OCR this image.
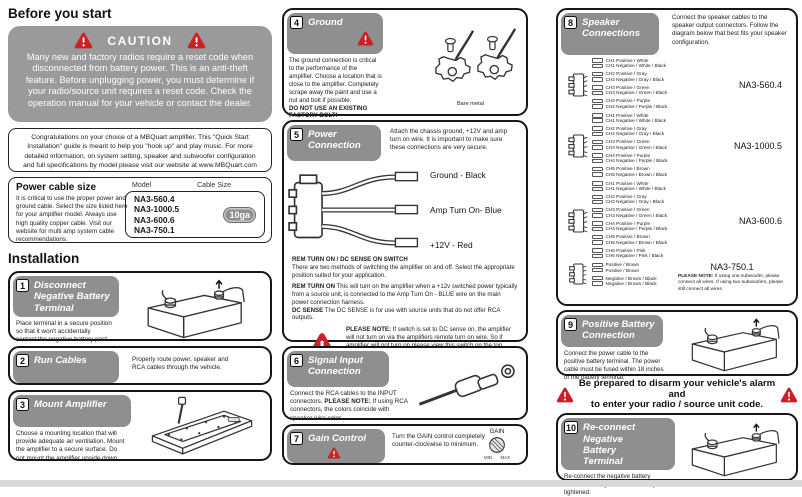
Before you start
CAUTION
Many new and factory radios require a reset code when disconnected from battery power. This is an anti-theft feature. Before unplugging power, you must determine if your radio/source unit requires a reset code. Check the operation manual for your vehicle or contact the dealer.
Congratulations on your choice of a MBQuart amplifier. This "Quick Start Installation" guide is meant to help you "hook up" and play music. For more detailed information, on system setting, speaker and subwoofer configuration and full specifications by model please visit our website at www.MBQuart.com
Power cable size	Model	Cable Size
It is critical to use the proper power and ground cable. Select the size listed here for your amplifier model. Always use high quality copper cable. Visit our website for multi amp system cable recommendations.
NA3-560.4
NA3-1000.5
NA3-600.6
NA3-750.1
10ga
Installation
1 Disconnect Negative Battery Terminal
Place terminal in a secure position so that it won't accidentally contact the negative battery post.
2 Run Cables	Properly route power, speaker and RCA cables through the vehicle.
3 Mount Amplifier
Choose a mounting location that will provide adequate air ventilation. Mount the amplifier to a secure surface. Do not mount the amplifier upside down.
4 Ground
The ground connection is critical to the performance of the amplifier. Choose a location that is close to the amplifier. Completely scrape away the paint and use a nut and bolt if possible.
DO NOT USE AN EXISTING FACTORY BOLT!
Bare metal
5 Power Connection
Attach the chassis ground, +12V and amp turn on wire. It is important to make sure these connections are very secure.
Ground - Black
Amp Turn On- Blue
+12V - Red
REM TURN ON / DC SENSE ON SWITCH
There are two methods of switching the amplifier on and off. Select the appropriate position suited for your application.
REM TURN ON This will turn on the amplifier when a +12v switched power typically from a source unit, is connected to the Amp Turn On - BLUE wire on the main power connection harness.
DC SENSE The DC SENSE is for use with source units that do not offer RCA outputs.
PLEASE NOTE: If switch is set to DC sense on, the amplifier will not turn on via the amplifiers remote turn on wire. So if
6 Signal Input Connection
Connect the RCA cables to the INPUT connectors. PLEASE NOTE: If using RCA connectors, the colors coincide with speaker wire color.
7 Gain Control	Turn the GAIN control completely counter-clockwise to minimum.
GAIN
MIN MAX
8 Speaker Connections
Connect the speaker cables to the speaker output connectors. Follow the diagram below that best fits your speaker configuration.
CH1 Positive / White
CH1 Negative / White / Black
CH2 Positive / Gray
CH2 Negative / Gray / Black
CH3 Positive / Green
CH3 Negative / Green / Black
CH4 Positive / Purple
CH4 Negative / Purple / Black
NA3-560.4
CH1 Positive / White
CH1 Negative / White / Black
CH2 Positive / Gray
CH2 Negative / Gray / Black
CH3 Positive / Green
CH3 Negative / Green / Black
CH4 Positive / Purple
CH4 Negative / Purple / Black
CH5 Positive / Brown
CH5 Negative / Brown / Black
NA3-1000.5
CH1 Positive / White
CH1 Negative / White / Black
CH2 Positive / Gray
CH2 Negative / Gray / Black
CH3 Positive / Green
CH3 Negative / Green / Black
CH4 Positive / Purple
CH4 Negative / Purple / Black
CH5 Positive / Brown
CH5 Negative / Brown / Black
CH6 Positive / Pink
CH6 Negative / Pink / Black
NA3-600.6
Positive / Brown
Positive / Brown
Negative / Brown / Black
Negative / Brown / Black
NA3-750.1
PLEASE NOTE: If using one subwoofer, please connect all wires. If using two subwoofers, please still connect all wires.
9 Positive Battery Connection
Connect the power cable to the positive battery terminal. The power cable must be fused within 18 inches of the battery terminal.
Be prepared to disarm your vehicle's alarm and
to enter your radio / source unit code.
10 Re-connect Negative Battery Terminal
Re-connect the negative battery tightened.
